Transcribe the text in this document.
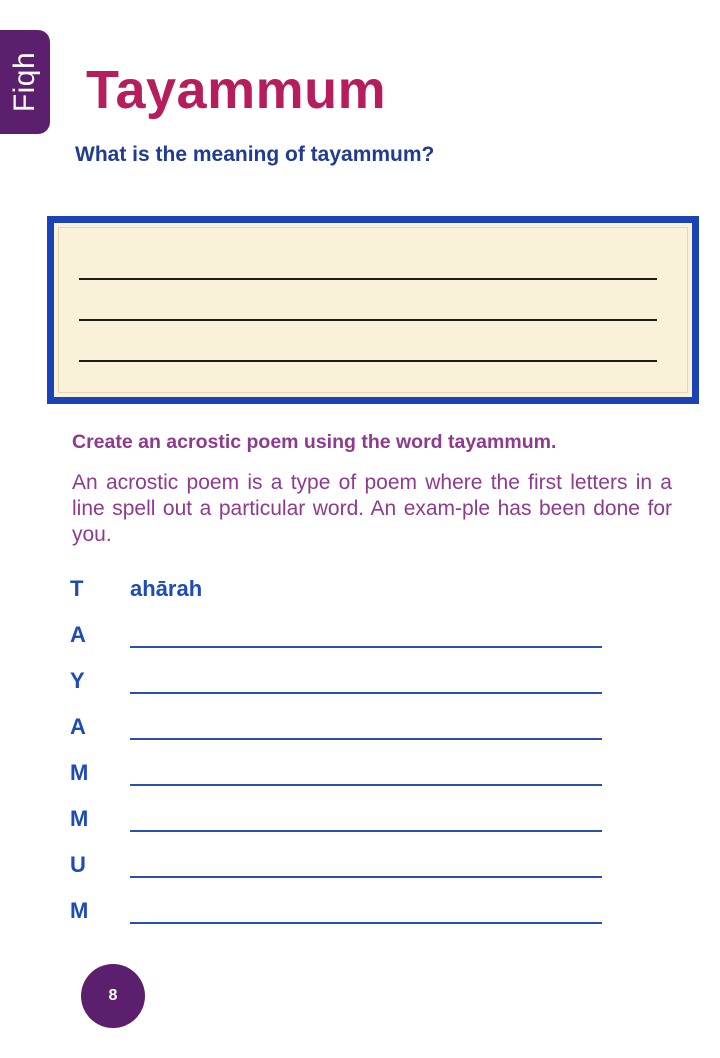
Fiqh Tayammum
What is the meaning of tayammum?
Create an acrostic poem using the word tayammum.

An acrostic poem is a type of poem where the first letters in a line spell out a particular word. An exam-ple has been done for you.

T	ahārah
A
Y
A
M
M
U
M
8
